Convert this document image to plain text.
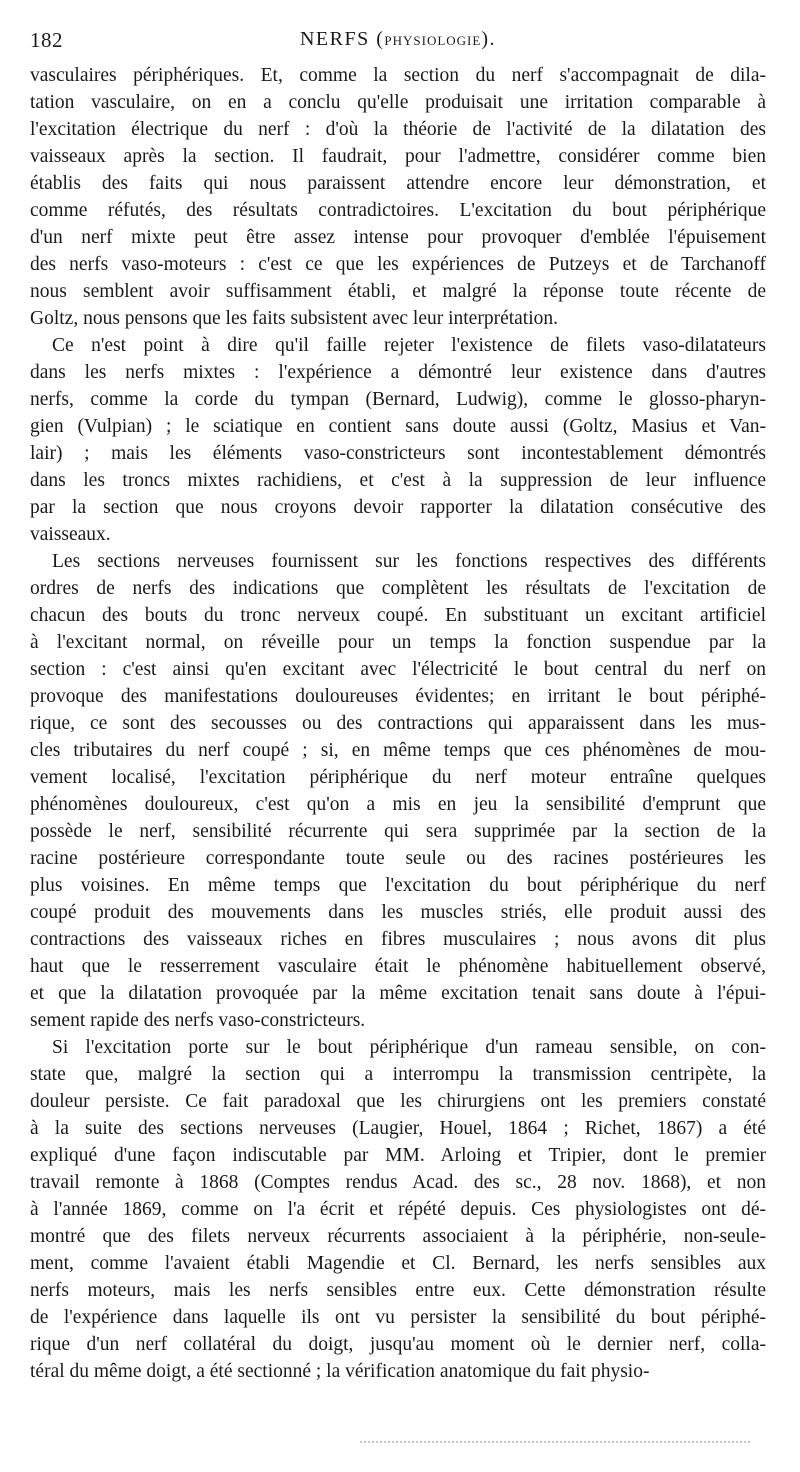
182	NERFS (PHYSIOLOGIE).
vasculaires périphériques. Et, comme la section du nerf s'accompagnait de dila-
tation vasculaire, on en a conclu qu'elle produisait une irritation comparable à
l'excitation électrique du nerf : d'où la théorie de l'activité de la dilatation des
vaisseaux après la section. Il faudrait, pour l'admettre, considérer comme bien
établis des faits qui nous paraissent attendre encore leur démonstration, et
comme réfutés, des résultats contradictoires. L'excitation du bout périphérique
d'un nerf mixte peut être assez intense pour provoquer d'emblée l'épuisement
des nerfs vaso-moteurs : c'est ce que les expériences de Putzeys et de Tarchanoff
nous semblent avoir suffisamment établi, et malgré la réponse toute récente de
Goltz, nous pensons que les faits subsistent avec leur interprétation.
Ce n'est point à dire qu'il faille rejeter l'existence de filets vaso-dilatateurs
dans les nerfs mixtes : l'expérience a démontré leur existence dans d'autres
nerfs, comme la corde du tympan (Bernard, Ludwig), comme le glosso-pharyn-
gien (Vulpian) ; le sciatique en contient sans doute aussi (Goltz, Masius et Van-
lair) ; mais les éléments vaso-constricteurs sont incontestablement démontrés
dans les troncs mixtes rachidiens, et c'est à la suppression de leur influence
par la section que nous croyons devoir rapporter la dilatation consécutive des
vaisseaux.
Les sections nerveuses fournissent sur les fonctions respectives des différents
ordres de nerfs des indications que complètent les résultats de l'excitation de
chacun des bouts du tronc nerveux coupé. En substituant un excitant artificiel
à l'excitant normal, on réveille pour un temps la fonction suspendue par la
section : c'est ainsi qu'en excitant avec l'électricité le bout central du nerf on
provoque des manifestations douloureuses évidentes; en irritant le bout périphé-
rique, ce sont des secousses ou des contractions qui apparaissent dans les mus-
cles tributaires du nerf coupé ; si, en même temps que ces phénomènes de mou-
vement localisé, l'excitation périphérique du nerf moteur entraîne quelques
phénomènes douloureux, c'est qu'on a mis en jeu la sensibilité d'emprunt que
possède le nerf, sensibilité récurrente qui sera supprimée par la section de la
racine postérieure correspondante toute seule ou des racines postérieures les
plus voisines. En même temps que l'excitation du bout périphérique du nerf
coupé produit des mouvements dans les muscles striés, elle produit aussi des
contractions des vaisseaux riches en fibres musculaires ; nous avons dit plus
haut que le resserrement vasculaire était le phénomène habituellement observé,
et que la dilatation provoquée par la même excitation tenait sans doute à l'épui-
sement rapide des nerfs vaso-constricteurs.
Si l'excitation porte sur le bout périphérique d'un rameau sensible, on con-
state que, malgré la section qui a interrompu la transmission centripète, la
douleur persiste. Ce fait paradoxal que les chirurgiens ont les premiers constaté
à la suite des sections nerveuses (Laugier, Houel, 1864 ; Richet, 1867) a été
expliqué d'une façon indiscutable par MM. Arloing et Tripier, dont le premier
travail remonte à 1868 (Comptes rendus Acad. des sc., 28 nov. 1868), et non
à l'année 1869, comme on l'a écrit et répété depuis. Ces physiologistes ont dé-
montré que des filets nerveux récurrents associaient à la périphérie, non-seule-
ment, comme l'avaient établi Magendie et Cl. Bernard, les nerfs sensibles aux
nerfs moteurs, mais les nerfs sensibles entre eux. Cette démonstration résulte
de l'expérience dans laquelle ils ont vu persister la sensibilité du bout périphé-
rique d'un nerf collatéral du doigt, jusqu'au moment où le dernier nerf, colla-
téral du même doigt, a été sectionné ; la vérification anatomique du fait physio-
